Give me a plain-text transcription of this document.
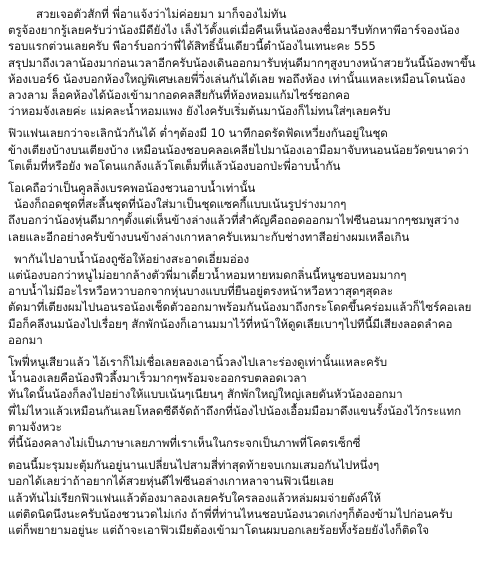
สวยเจอตัวสักที่ พี่อาแจ้งว่าไม่ค่อยมา มาก็จองไม่ทัน
ตรูจ้องยากรู้เลยครับว่าน้องมีดียังไง เล็งไว้ตั้งแต่เมื่อคืนเห็นน้องลงชื่อมารีบทักหาพีอาร์จองน้อง
รอบแรกต่วนเลยครับ พีอาร์บอกว่าพี่ได้สิทธิ์นั้นเดียวนี้ตำน้องไนเทนะคะ 555
สรุปมาถึงเวลาน้องมาก่อนเวลาอีกครับน้องเดินออกมารับหุ่นดีมากๆสูงบางหน้าสวยวันนี้น้องพาขึ้น
ห้องเบอร์6 น้องบอกห้องใหญ่พิเศษเลยพี่วิ่งเล่นกันได้เลย พอถึงห้อง เท่านั้นแหละเหมือนโดนน้อง
ลวงลาม ล็อคห้องได้น้องเข้ามากอดคลสียกันที่ห้องหอมแก้มไซร์ซอกคอ
ว่าหอมจังเลยค่ะ แม่คละน้ำหอมแพง ยังไงครับเริ่มต้นมาน้องก็ไม่ทนใส่ๆเลยครับ
ฟิวแฟนเลยกว่าจะเลิกนัวกันได้ ต่ำๆต้องมี 10 นาทีกอดรัดฟัดเหวี่ยงกันอยู่ในชุด
ข้างเตียงบ้างบนเตียงบ้าง เหมือนน้องชอบคลอเคลียไปมาน้องเอามือมาจับหนอนน้อยวัดขนาดว่า
โตเต็มที่หรือยัง พอโดนแกล้งแล้วโตเต็มที่แล้วน้องบอกป่ะพี่อาบน้ำกัน
โอเคถือว่าเป็นคูลลิ่งเบรคพอน้องชวนอาบน้ำเท่านั้น
น้องก็ถอดชุดที่สะลึ้นชุดที่น้องใส่มาเป็นชุดแซคกี้แบบเน้นรูปร่างมากๆ
ถึงบอกว่าน้องหุ่นดีมากๆตั้งแต่เห็นข้างล่างแล้วที่สำคัญคือถอดออกมาไฟซีนอนมากๆชมพูสว่าง
เลยและอีกอย่างครับข้างบนข้างล่างเกาหลาครับเหมาะกับช่างทาสีอย่างผมเหลือเกิน
พากันไปอาบน้ำน้องถูซ้อให้อย่างสะอาดเอี่ยมอ่อง
แต่น้องบอกว่าหนูไม่อยากล้างตัวพี่มาเดี๋ยวน้ำหอมหายหมดกลิ่นนี้หนูชอบหอมมากๆ
อาบน้ำไม่มีอะไรหวือหวาบอกจากหุ่นบางแบบที่ยืนอยู่ตรงหน้าหวือหวาสุดๆสุดละ
ตัดมาที่เตียงผมไปนอนรอน้องเช็ดตัวออกมาพร้อมกันน้องมาถึงกระโดดขึ้นคร่อมแล้วก็ไซร์คอเลย
มือก็คลึงนมน้องไปเรื่อยๆ สักพักน้องก็เอานมมาไว้ที่หน้าให้ดูดเลียเบาๆไปทีนี้มีเสียงลอดลำคอ
ออกมา
โพฟี่หนูเสียวแล้ว ไอ้เราก็ไม่เชื่อเลยลองเอานิ้วลงไปเลาะร่องดูเท่านั้นแหละครับ
น้ำนองเลยคือน้องฟีวลึ้งมาเร็วมากๆพร้อมจะออกรบตลอดเวลา
ทันใดนั้นน้องก็ลงไปอย่างให้แบบเน้นๆเนียนๆ สักพักใหญ่ใหญ่เลยดันหัวน้องออกมา
พี่ไม่ไหวแล้วเหมือนกันเลยโหลดซีดีจัดถ้าถึงกที่น้องไปน้องเอื้อมมือมาดึงแขนรั้งน้องไว้กระแทก
ตามจังหวะ
ที่นี้น้องคลางไม่เป็นภาษาเลยภาพที่เราเห็นในกระจกเป็นภาพที่โคตรเซ็กซี่
ตอนนี้มะรุมมะตุ้มกันอยู่นานเปลี่ยนไปสามสี่ท่าสุดท้ายจบเกมเสมอกันไปหนึ่งๆ
บอกได้เลยว่าถ้าอยากได้สวยหุ่นดีไฟซีนอล่างเกาหลาจานฟิวเนียเลย
แล้วทันไม่เรียกฟิวแฟนแล้วต้องมาลองเลยครับใครลองแล้วหล่มผมจ่ายตังค์ให้
แต่ติดนิดนึงนะครับน้องชวนวดไม่เก่ง ถ้าพี่ที่ท่านไหนชอบน้องนวดเก่งๆก็ต้องข้ามไปก่อนครับ
แต่ก็พยายามอยู่นะ แต่ถ้าจะเอาฟิวเมียต้องเข้ามาโดนผมบอกเลยร้อยทั้งร้อยยังไงก็ติดใจ
